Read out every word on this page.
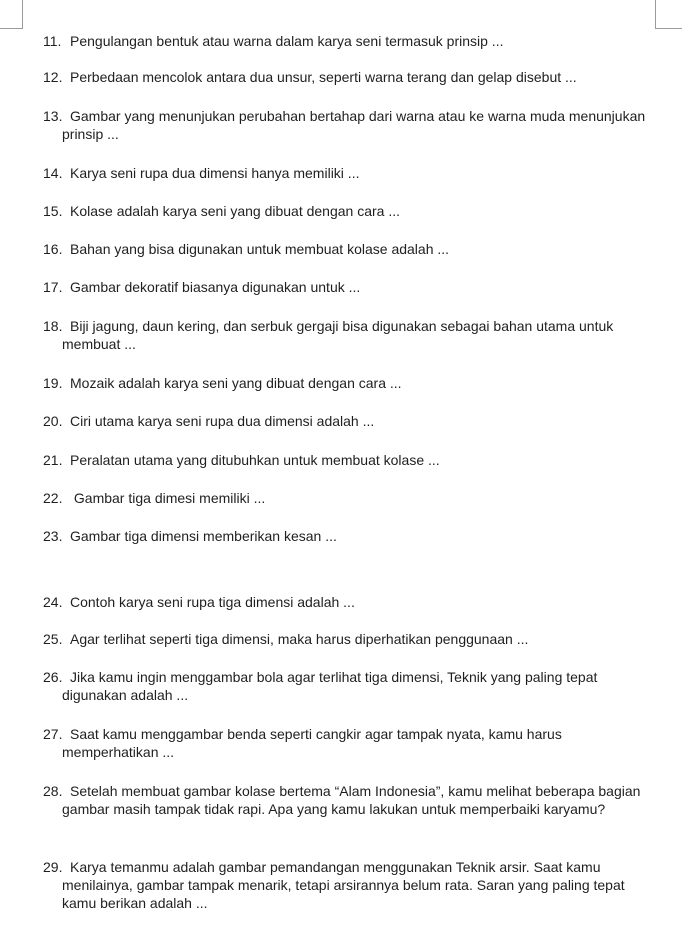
11. Pengulangan bentuk atau warna dalam karya seni termasuk prinsip ...
12. Perbedaan mencolok antara dua unsur, seperti warna terang dan gelap disebut ...
13. Gambar yang menunjukan perubahan bertahap dari warna atau ke warna muda menunjukan prinsip ...
14. Karya seni rupa dua dimensi hanya memiliki ...
15. Kolase adalah karya seni yang dibuat dengan cara ...
16. Bahan yang bisa digunakan untuk membuat kolase adalah ...
17. Gambar dekoratif biasanya digunakan untuk ...
18. Biji jagung, daun kering, dan serbuk gergaji bisa digunakan sebagai bahan utama untuk membuat ...
19. Mozaik adalah karya seni yang dibuat dengan cara ...
20. Ciri utama karya seni rupa dua dimensi adalah ...
21. Peralatan utama yang ditubuhkan untuk membuat kolase ...
22. Gambar tiga dimesi memiliki ...
23. Gambar tiga dimensi memberikan kesan ...
24. Contoh karya seni rupa tiga dimensi adalah ...
25. Agar terlihat seperti tiga dimensi, maka harus diperhatikan penggunaan ...
26. Jika kamu ingin menggambar bola agar terlihat tiga dimensi, Teknik yang paling tepat digunakan adalah ...
27. Saat kamu menggambar benda seperti cangkir agar tampak nyata, kamu harus memperhatikan ...
28. Setelah membuat gambar kolase bertema “Alam Indonesia”, kamu melihat beberapa bagian gambar masih tampak tidak rapi. Apa yang kamu lakukan untuk memperbaiki karyamu?
29. Karya temanmu adalah gambar pemandangan menggunakan Teknik arsir. Saat kamu menilainya, gambar tampak menarik, tetapi arsirannya belum rata. Saran yang paling tepat kamu berikan adalah ...
